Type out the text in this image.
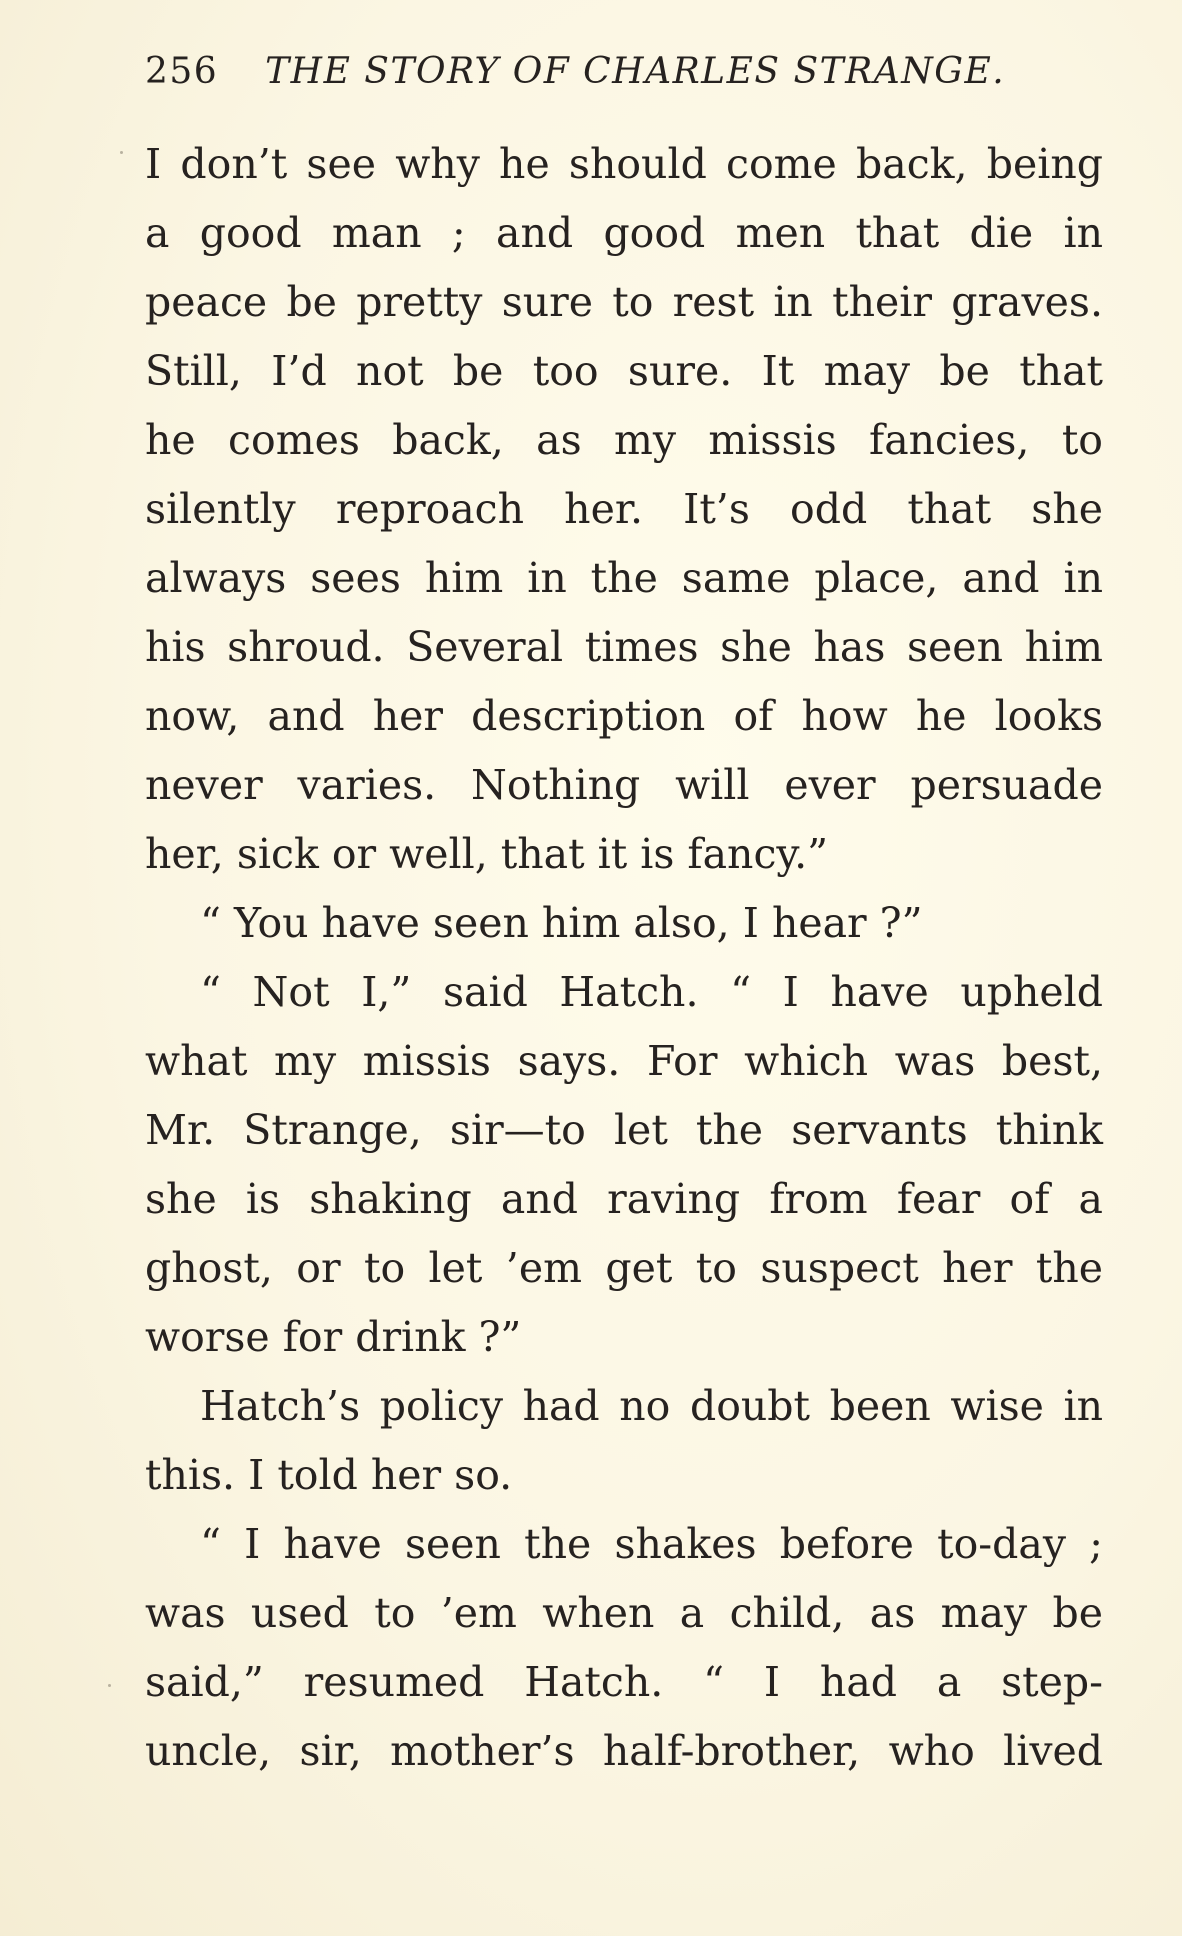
256 THE STORY OF CHARLES STRANGE.
I don’t see why he should come back, being
a good man ; and good men that die in
peace be pretty sure to rest in their graves.
Still, I’d not be too sure. It may be that
he comes back, as my missis fancies, to
silently reproach her. It’s odd that she
always sees him in the same place, and in
his shroud. Several times she has seen him
now, and her description of how he looks
never varies. Nothing will ever persuade
her, sick or well, that it is fancy.”
“ You have seen him also, I hear ?”
“ Not I,” said Hatch. “ I have upheld
what my missis says. For which was best,
Mr. Strange, sir—to let the servants think
she is shaking and raving from fear of a
ghost, or to let ’em get to suspect her the
worse for drink ?”
Hatch’s policy had no doubt been wise in
this. I told her so.
“ I have seen the shakes before to-day ;
was used to ’em when a child, as may be
said,” resumed Hatch. “ I had a step-
uncle, sir, mother’s half-brother, who lived
